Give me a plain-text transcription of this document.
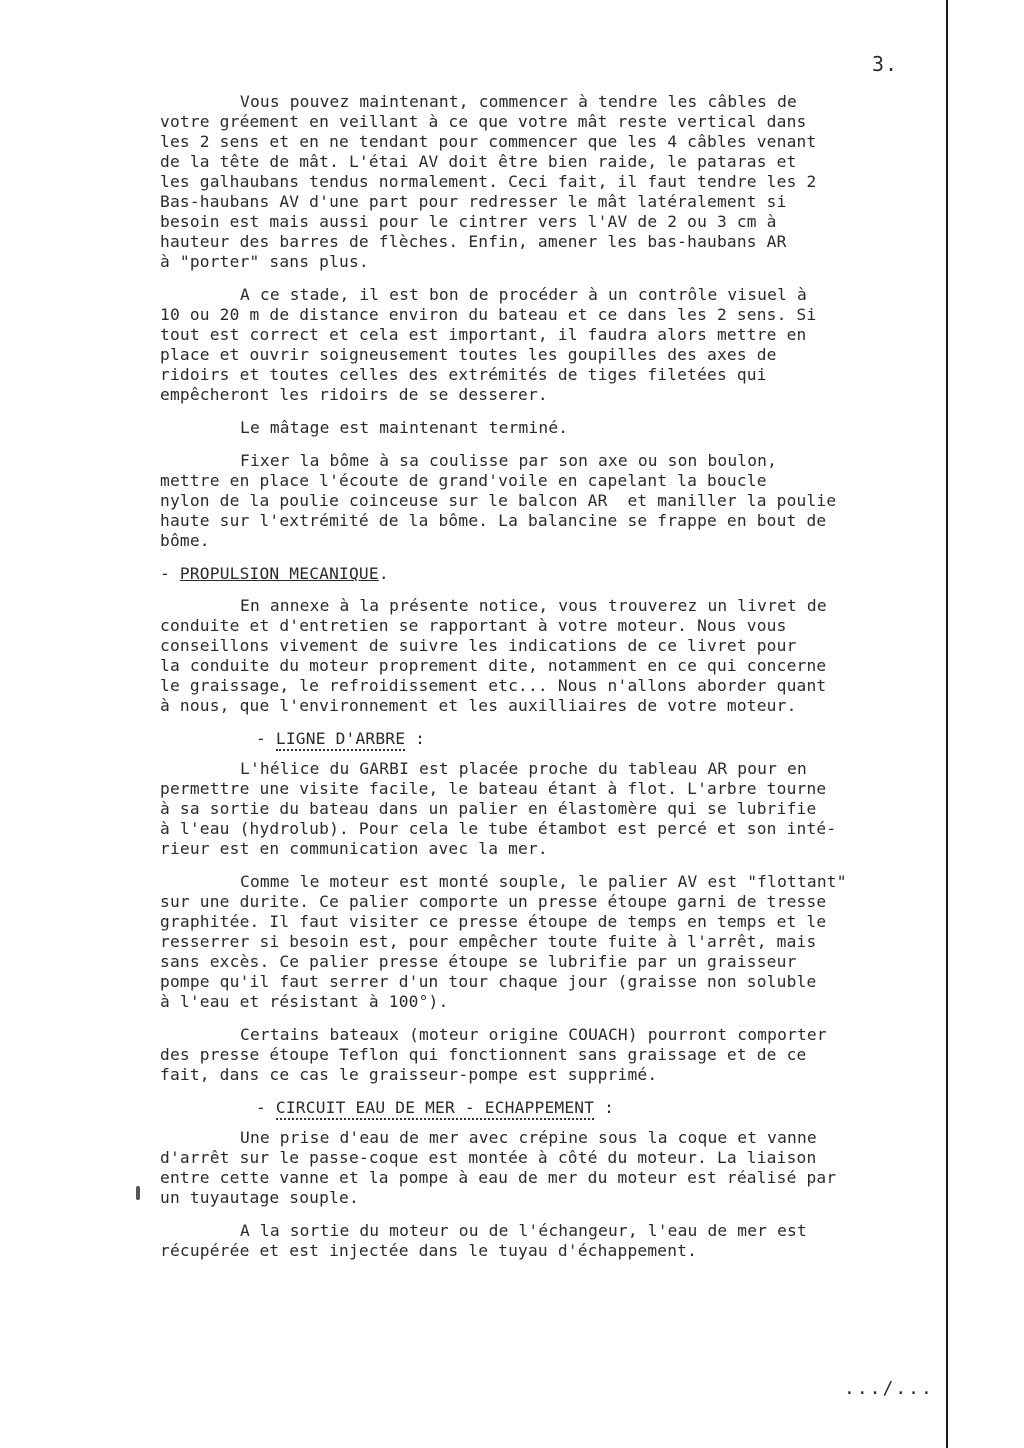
3.
Vous pouvez maintenant, commencer à tendre les câbles de
votre gréement en veillant à ce que votre mât reste vertical dans
les 2 sens et en ne tendant pour commencer que les 4 câbles venant
de la tête de mât. L'étai AV doit être bien raide, le pataras et
les galhaubans tendus normalement. Ceci fait, il faut tendre les 2
Bas-haubans AV d'une part pour redresser le mât latéralement si
besoin est mais aussi pour le cintrer vers l'AV de 2 ou 3 cm à
hauteur des barres de flèches. Enfin, amener les bas-haubans AR
à "porter" sans plus.
A ce stade, il est bon de procéder à un contrôle visuel à
10 ou 20 m de distance environ du bateau et ce dans les 2 sens. Si
tout est correct et cela est important, il faudra alors mettre en
place et ouvrir soigneusement toutes les goupilles des axes de
ridoirs et toutes celles des extrémités de tiges filetées qui
empêcheront les ridoirs de se desserer.
Le mâtage est maintenant terminé.
Fixer la bôme à sa coulisse par son axe ou son boulon,
mettre en place l'écoute de grand'voile en capelant la boucle
nylon de la poulie coinceuse sur le balcon AR  et maniller la poulie
haute sur l'extrémité de la bôme. La balancine se frappe en bout de
bôme.
- PROPULSION MECANIQUE.
En annexe à la présente notice, vous trouverez un livret de
conduite et d'entretien se rapportant à votre moteur. Nous vous
conseillons vivement de suivre les indications de ce livret pour
la conduite du moteur proprement dite, notamment en ce qui concerne
le graissage, le refroidissement etc... Nous n'allons aborder quant
à nous, que l'environnement et les auxilliaires de votre moteur.
- LIGNE D'ARBRE :
L'hélice du GARBI est placée proche du tableau AR pour en
permettre une visite facile, le bateau étant à flot. L'arbre tourne
à sa sortie du bateau dans un palier en élastomère qui se lubrifie
à l'eau (hydrolub). Pour cela le tube étambot est percé et son inté-
rieur est en communication avec la mer.
Comme le moteur est monté souple, le palier AV est "flottant"
sur une durite. Ce palier comporte un presse étoupe garni de tresse
graphitée. Il faut visiter ce presse étoupe de temps en temps et le
resserrer si besoin est, pour empêcher toute fuite à l'arrêt, mais
sans excès. Ce palier presse étoupe se lubrifie par un graisseur
pompe qu'il faut serrer d'un tour chaque jour (graisse non soluble
à l'eau et résistant à 100°).
Certains bateaux (moteur origine COUACH) pourront comporter
des presse étoupe Teflon qui fonctionnent sans graissage et de ce
fait, dans ce cas le graisseur-pompe est supprimé.
- CIRCUIT EAU DE MER - ECHAPPEMENT :
Une prise d'eau de mer avec crépine sous la coque et vanne
d'arrêt sur le passe-coque est montée à côté du moteur. La liaison
entre cette vanne et la pompe à eau de mer du moteur est réalisé par
un tuyautage souple.
A la sortie du moteur ou de l'échangeur, l'eau de mer est
récupérée et est injectée dans le tuyau d'échappement.
.../...
